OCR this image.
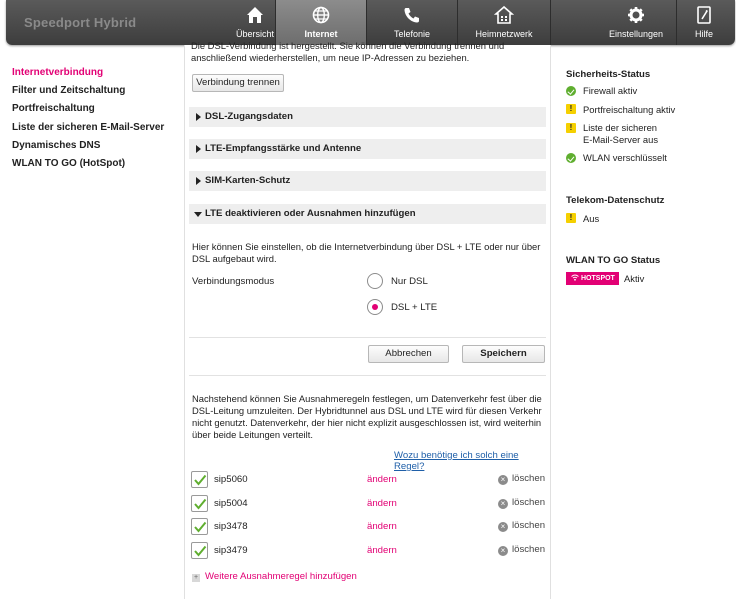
Speedport Hybrid
Übersicht	Internet	Telefonie	Heimnetzwerk	Einstellungen	Hilfe
Internetverbindung
Filter und Zeitschaltung
Portfreischaltung
Liste der sicheren E-Mail-Server
Dynamisches DNS
WLAN TO GO (HotSpot)
Die DSL-Verbindung ist hergestellt. Sie können die Verbindung trennen und
anschließend wiederherstellen, um neue IP-Adressen zu beziehen.
Verbindung trennen
DSL-Zugangsdaten
LTE-Empfangsstärke und Antenne
SIM-Karten-Schutz
LTE deaktivieren oder Ausnahmen hinzufügen
Hier können Sie einstellen, ob die Internetverbindung über DSL + LTE oder nur über DSL aufgebaut wird.
Verbindungsmodus	Nur DSL
DSL + LTE
Abbrechen	Speichern
Nachstehend können Sie Ausnahmeregeln festlegen, um Datenverkehr fest über die DSL-Leitung umzuleiten. Der Hybridtunnel aus DSL und LTE wird für diesen Verkehr nicht genutzt. Datenverkehr, der hier nicht explizit ausgeschlossen ist, wird weiterhin über beide Leitungen verteilt.
Wozu benötige ich solch eine Regel?
sip5060	ändern	× löschen
sip5004	ändern	× löschen
sip3478	ändern	× löschen
sip3479	ändern	× löschen
+ Weitere Ausnahmeregel hinzufügen
Sicherheits-Status
Firewall aktiv
!	Portfreischaltung aktiv
!	Liste der sicheren
E-Mail-Server aus
WLAN verschlüsselt
Telekom-Datenschutz
!	Aus
WLAN TO GO Status
HOTSPOT Aktiv
